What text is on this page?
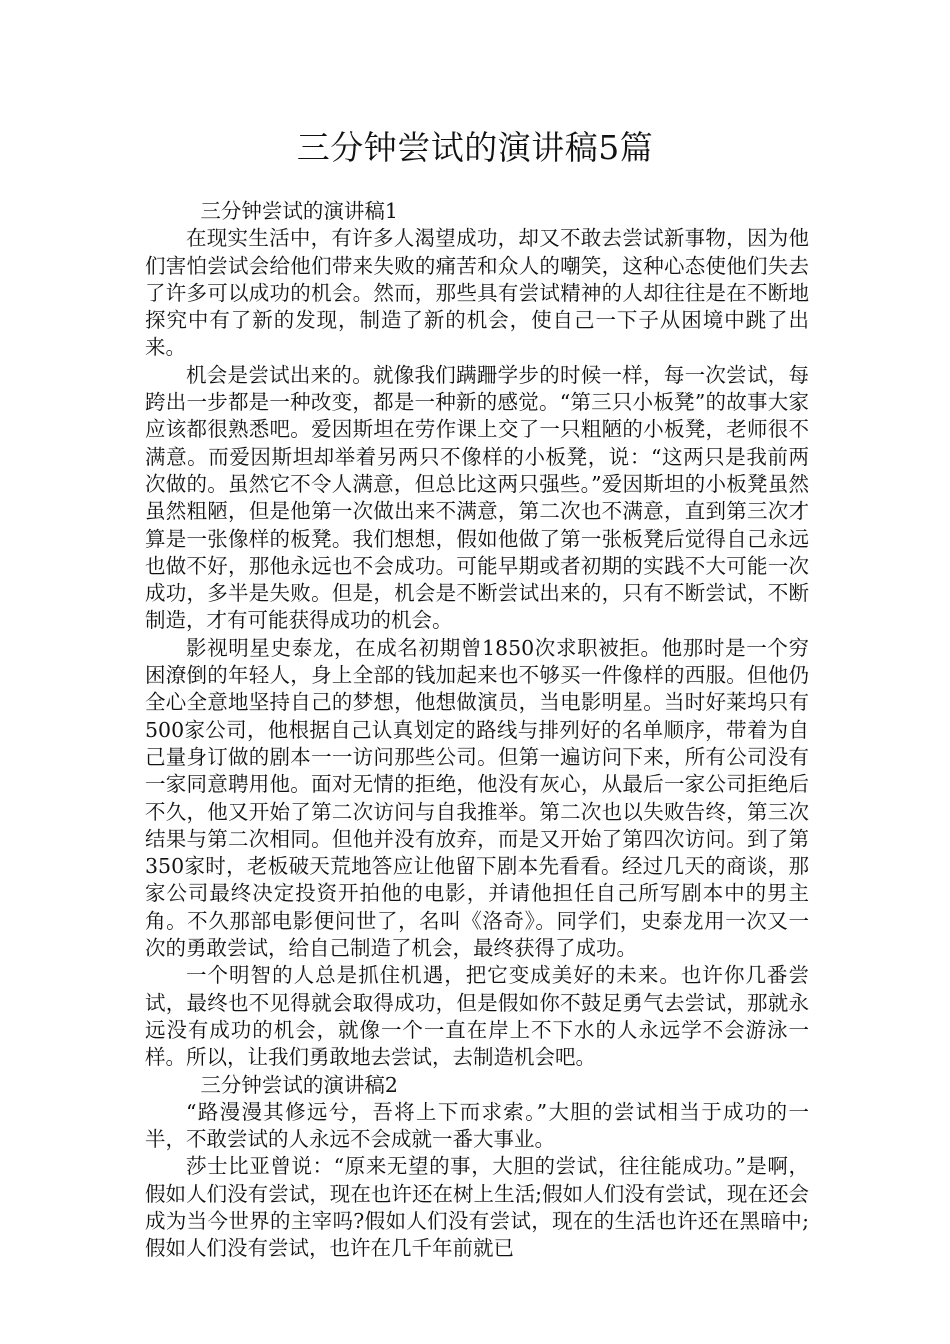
三分钟尝试的演讲稿5篇

三分钟尝试的演讲稿1

在现实生活中，有许多人渴望成功，却又不敢去尝试新事物，因为他们害怕尝试会给他们带来失败的痛苦和众人的嘲笑，这种心态使他们失去了许多可以成功的机会。然而，那些具有尝试精神的人却往往是在不断地探究中有了新的发现，制造了新的机会，使自己一下子从困境中跳了出来。

机会是尝试出来的。就像我们蹒跚学步的时候一样，每一次尝试，每跨出一步都是一种改变，都是一种新的感觉。“第三只小板凳”的故事大家应该都很熟悉吧。爱因斯坦在劳作课上交了一只粗陋的小板凳，老师很不满意。而爱因斯坦却举着另两只不像样的小板凳，说：“这两只是我前两次做的。虽然它不令人满意，但总比这两只强些。”爱因斯坦的小板凳虽然虽然粗陋，但是他第一次做出来不满意，第二次也不满意，直到第三次才算是一张像样的板凳。我们想想，假如他做了第一张板凳后觉得自己永远也做不好，那他永远也不会成功。可能早期或者初期的实践不大可能一次成功，多半是失败。但是，机会是不断尝试出来的，只有不断尝试，不断制造，才有可能获得成功的机会。

影视明星史泰龙，在成名初期曾1850次求职被拒。他那时是一个穷困潦倒的年轻人，身上全部的钱加起来也不够买一件像样的西服。但他仍全心全意地坚持自己的梦想，他想做演员，当电影明星。当时好莱坞只有500家公司，他根据自己认真划定的路线与排列好的名单顺序，带着为自己量身订做的剧本一一访问那些公司。但第一遍访问下来，所有公司没有一家同意聘用他。面对无情的拒绝，他没有灰心，从最后一家公司拒绝后不久，他又开始了第二次访问与自我推举。第二次也以失败告终，第三次结果与第二次相同。但他并没有放弃，而是又开始了第四次访问。到了第350家时，老板破天荒地答应让他留下剧本先看看。经过几天的商谈，那家公司最终决定投资开拍他的电影，并请他担任自己所写剧本中的男主角。不久那部电影便问世了，名叫《洛奇》。同学们，史泰龙用一次又一次的勇敢尝试，给自己制造了机会，最终获得了成功。

一个明智的人总是抓住机遇，把它变成美好的未来。也许你几番尝试，最终也不见得就会取得成功，但是假如你不鼓足勇气去尝试，那就永远没有成功的机会，就像一个一直在岸上不下水的人永远学不会游泳一样。所以，让我们勇敢地去尝试，去制造机会吧。

三分钟尝试的演讲稿2

“路漫漫其修远兮，吾将上下而求索。”大胆的尝试相当于成功的一半，不敢尝试的人永远不会成就一番大事业。

莎士比亚曾说：“原来无望的事，大胆的尝试，往往能成功。”是啊，假如人们没有尝试，现在也许还在树上生活;假如人们没有尝试，现在还会成为当今世界的主宰吗?假如人们没有尝试，现在的生活也许还在黑暗中;假如人们没有尝试，也许在几千年前就已
